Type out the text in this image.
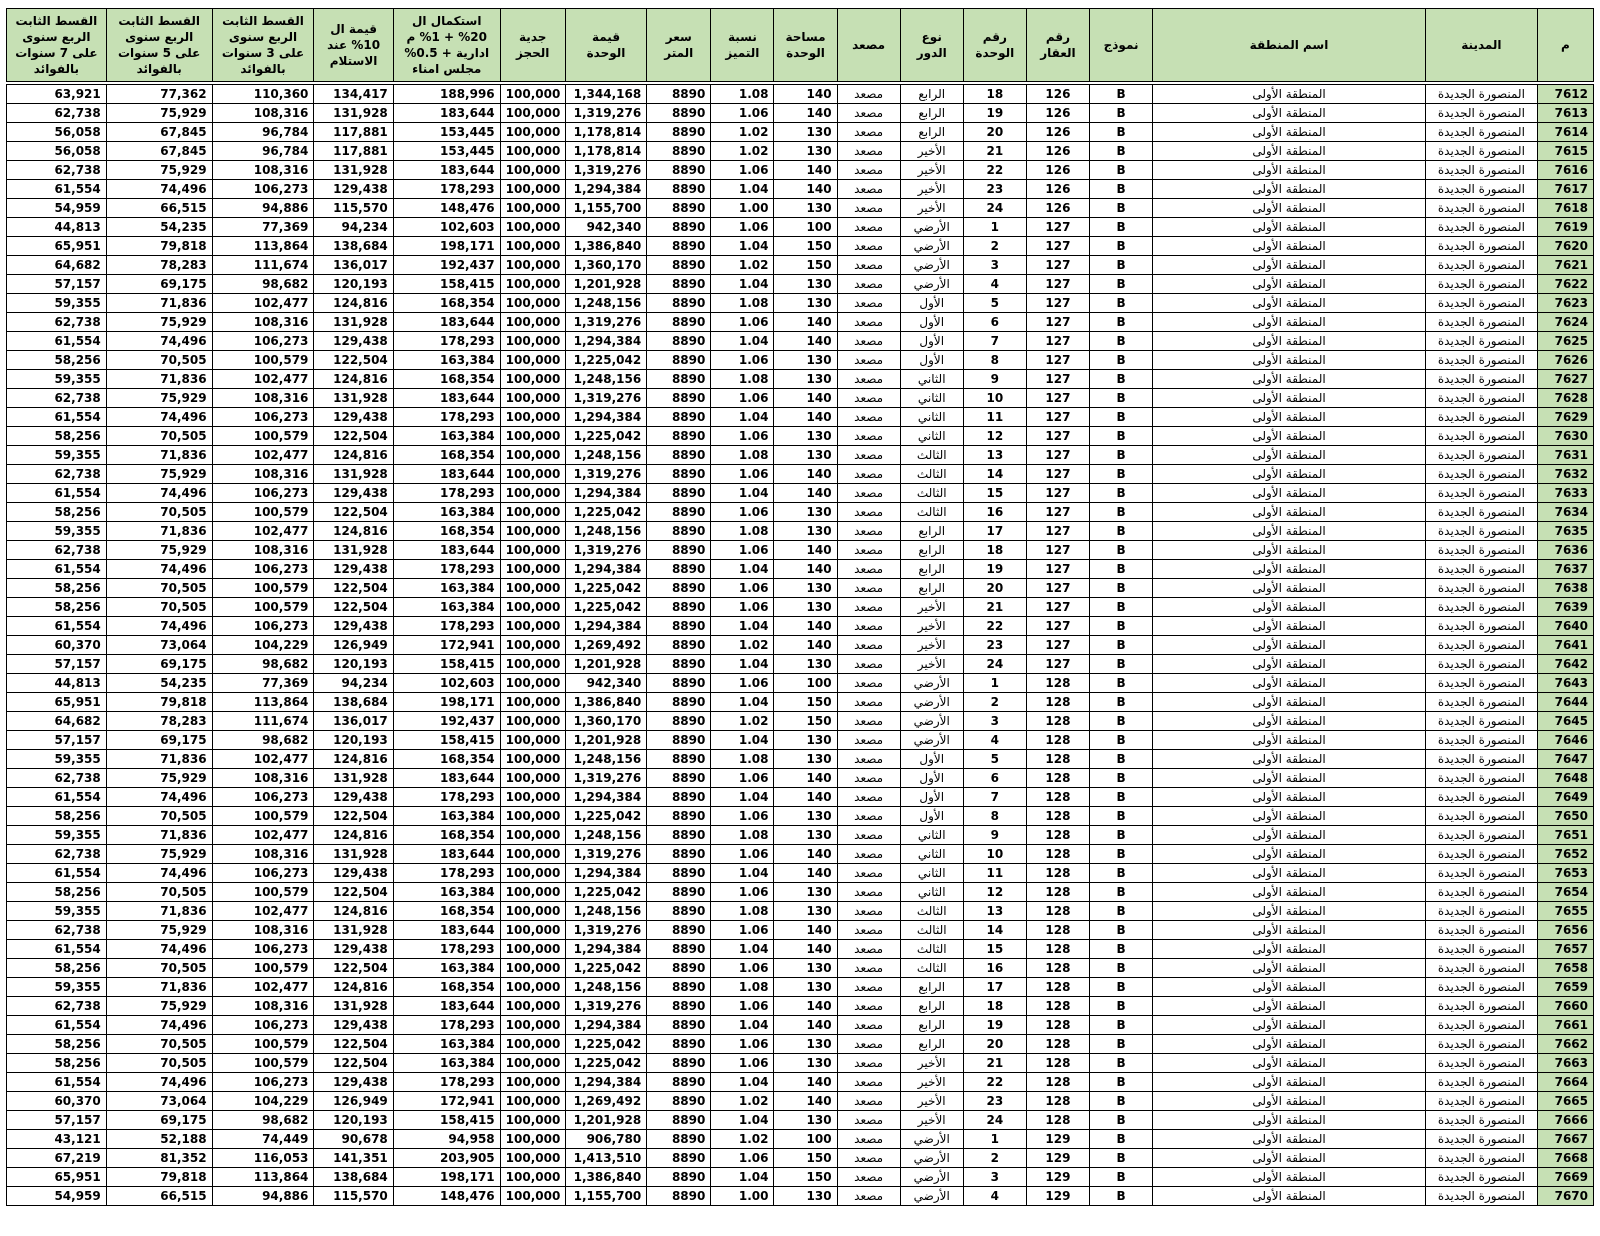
القسط الثابت الربع سنوى على 7 سنوات بالفوائد	القسط الثابت الربع سنوى على 5 سنوات بالفوائد	القسط الثابت الربع سنوى على 3 سنوات بالفوائد	قيمة ال 10% عند الاستلام	استكمال ال 20% + 1% م ادارية + 0.5% مجلس امناء	جدية الحجز	قيمة الوحدة	سعر المتر	نسبة التميز	مساحة الوحدة	مصعد	نوع الدور	رقم الوحدة	رقم العقار	نموذج	اسم المنطقة	المدينة	م
63,921	77,362	110,360	134,417	188,996	100,000	1,344,168	8890	1.08	140	مصعد	الرابع	18	126	B	المنطقة الأولى	المنصورة الجديدة	7612
62,738	75,929	108,316	131,928	183,644	100,000	1,319,276	8890	1.06	140	مصعد	الرابع	19	126	B	المنطقة الأولى	المنصورة الجديدة	7613
56,058	67,845	96,784	117,881	153,445	100,000	1,178,814	8890	1.02	130	مصعد	الرابع	20	126	B	المنطقة الأولى	المنصورة الجديدة	7614
56,058	67,845	96,784	117,881	153,445	100,000	1,178,814	8890	1.02	130	مصعد	الأخير	21	126	B	المنطقة الأولى	المنصورة الجديدة	7615
62,738	75,929	108,316	131,928	183,644	100,000	1,319,276	8890	1.06	140	مصعد	الأخير	22	126	B	المنطقة الأولى	المنصورة الجديدة	7616
61,554	74,496	106,273	129,438	178,293	100,000	1,294,384	8890	1.04	140	مصعد	الأخير	23	126	B	المنطقة الأولى	المنصورة الجديدة	7617
54,959	66,515	94,886	115,570	148,476	100,000	1,155,700	8890	1.00	130	مصعد	الأخير	24	126	B	المنطقة الأولى	المنصورة الجديدة	7618
44,813	54,235	77,369	94,234	102,603	100,000	942,340	8890	1.06	100	مصعد	الأرضي	1	127	B	المنطقة الأولى	المنصورة الجديدة	7619
65,951	79,818	113,864	138,684	198,171	100,000	1,386,840	8890	1.04	150	مصعد	الأرضي	2	127	B	المنطقة الأولى	المنصورة الجديدة	7620
64,682	78,283	111,674	136,017	192,437	100,000	1,360,170	8890	1.02	150	مصعد	الأرضي	3	127	B	المنطقة الأولى	المنصورة الجديدة	7621
57,157	69,175	98,682	120,193	158,415	100,000	1,201,928	8890	1.04	130	مصعد	الأرضي	4	127	B	المنطقة الأولى	المنصورة الجديدة	7622
59,355	71,836	102,477	124,816	168,354	100,000	1,248,156	8890	1.08	130	مصعد	الأول	5	127	B	المنطقة الأولى	المنصورة الجديدة	7623
62,738	75,929	108,316	131,928	183,644	100,000	1,319,276	8890	1.06	140	مصعد	الأول	6	127	B	المنطقة الأولى	المنصورة الجديدة	7624
61,554	74,496	106,273	129,438	178,293	100,000	1,294,384	8890	1.04	140	مصعد	الأول	7	127	B	المنطقة الأولى	المنصورة الجديدة	7625
58,256	70,505	100,579	122,504	163,384	100,000	1,225,042	8890	1.06	130	مصعد	الأول	8	127	B	المنطقة الأولى	المنصورة الجديدة	7626
59,355	71,836	102,477	124,816	168,354	100,000	1,248,156	8890	1.08	130	مصعد	الثاني	9	127	B	المنطقة الأولى	المنصورة الجديدة	7627
62,738	75,929	108,316	131,928	183,644	100,000	1,319,276	8890	1.06	140	مصعد	الثاني	10	127	B	المنطقة الأولى	المنصورة الجديدة	7628
61,554	74,496	106,273	129,438	178,293	100,000	1,294,384	8890	1.04	140	مصعد	الثاني	11	127	B	المنطقة الأولى	المنصورة الجديدة	7629
58,256	70,505	100,579	122,504	163,384	100,000	1,225,042	8890	1.06	130	مصعد	الثاني	12	127	B	المنطقة الأولى	المنصورة الجديدة	7630
59,355	71,836	102,477	124,816	168,354	100,000	1,248,156	8890	1.08	130	مصعد	الثالث	13	127	B	المنطقة الأولى	المنصورة الجديدة	7631
62,738	75,929	108,316	131,928	183,644	100,000	1,319,276	8890	1.06	140	مصعد	الثالث	14	127	B	المنطقة الأولى	المنصورة الجديدة	7632
61,554	74,496	106,273	129,438	178,293	100,000	1,294,384	8890	1.04	140	مصعد	الثالث	15	127	B	المنطقة الأولى	المنصورة الجديدة	7633
58,256	70,505	100,579	122,504	163,384	100,000	1,225,042	8890	1.06	130	مصعد	الثالث	16	127	B	المنطقة الأولى	المنصورة الجديدة	7634
59,355	71,836	102,477	124,816	168,354	100,000	1,248,156	8890	1.08	130	مصعد	الرابع	17	127	B	المنطقة الأولى	المنصورة الجديدة	7635
62,738	75,929	108,316	131,928	183,644	100,000	1,319,276	8890	1.06	140	مصعد	الرابع	18	127	B	المنطقة الأولى	المنصورة الجديدة	7636
61,554	74,496	106,273	129,438	178,293	100,000	1,294,384	8890	1.04	140	مصعد	الرابع	19	127	B	المنطقة الأولى	المنصورة الجديدة	7637
58,256	70,505	100,579	122,504	163,384	100,000	1,225,042	8890	1.06	130	مصعد	الرابع	20	127	B	المنطقة الأولى	المنصورة الجديدة	7638
58,256	70,505	100,579	122,504	163,384	100,000	1,225,042	8890	1.06	130	مصعد	الأخير	21	127	B	المنطقة الأولى	المنصورة الجديدة	7639
61,554	74,496	106,273	129,438	178,293	100,000	1,294,384	8890	1.04	140	مصعد	الأخير	22	127	B	المنطقة الأولى	المنصورة الجديدة	7640
60,370	73,064	104,229	126,949	172,941	100,000	1,269,492	8890	1.02	140	مصعد	الأخير	23	127	B	المنطقة الأولى	المنصورة الجديدة	7641
57,157	69,175	98,682	120,193	158,415	100,000	1,201,928	8890	1.04	130	مصعد	الأخير	24	127	B	المنطقة الأولى	المنصورة الجديدة	7642
44,813	54,235	77,369	94,234	102,603	100,000	942,340	8890	1.06	100	مصعد	الأرضي	1	128	B	المنطقة الأولى	المنصورة الجديدة	7643
65,951	79,818	113,864	138,684	198,171	100,000	1,386,840	8890	1.04	150	مصعد	الأرضي	2	128	B	المنطقة الأولى	المنصورة الجديدة	7644
64,682	78,283	111,674	136,017	192,437	100,000	1,360,170	8890	1.02	150	مصعد	الأرضي	3	128	B	المنطقة الأولى	المنصورة الجديدة	7645
57,157	69,175	98,682	120,193	158,415	100,000	1,201,928	8890	1.04	130	مصعد	الأرضي	4	128	B	المنطقة الأولى	المنصورة الجديدة	7646
59,355	71,836	102,477	124,816	168,354	100,000	1,248,156	8890	1.08	130	مصعد	الأول	5	128	B	المنطقة الأولى	المنصورة الجديدة	7647
62,738	75,929	108,316	131,928	183,644	100,000	1,319,276	8890	1.06	140	مصعد	الأول	6	128	B	المنطقة الأولى	المنصورة الجديدة	7648
61,554	74,496	106,273	129,438	178,293	100,000	1,294,384	8890	1.04	140	مصعد	الأول	7	128	B	المنطقة الأولى	المنصورة الجديدة	7649
58,256	70,505	100,579	122,504	163,384	100,000	1,225,042	8890	1.06	130	مصعد	الأول	8	128	B	المنطقة الأولى	المنصورة الجديدة	7650
59,355	71,836	102,477	124,816	168,354	100,000	1,248,156	8890	1.08	130	مصعد	الثاني	9	128	B	المنطقة الأولى	المنصورة الجديدة	7651
62,738	75,929	108,316	131,928	183,644	100,000	1,319,276	8890	1.06	140	مصعد	الثاني	10	128	B	المنطقة الأولى	المنصورة الجديدة	7652
61,554	74,496	106,273	129,438	178,293	100,000	1,294,384	8890	1.04	140	مصعد	الثاني	11	128	B	المنطقة الأولى	المنصورة الجديدة	7653
58,256	70,505	100,579	122,504	163,384	100,000	1,225,042	8890	1.06	130	مصعد	الثاني	12	128	B	المنطقة الأولى	المنصورة الجديدة	7654
59,355	71,836	102,477	124,816	168,354	100,000	1,248,156	8890	1.08	130	مصعد	الثالث	13	128	B	المنطقة الأولى	المنصورة الجديدة	7655
62,738	75,929	108,316	131,928	183,644	100,000	1,319,276	8890	1.06	140	مصعد	الثالث	14	128	B	المنطقة الأولى	المنصورة الجديدة	7656
61,554	74,496	106,273	129,438	178,293	100,000	1,294,384	8890	1.04	140	مصعد	الثالث	15	128	B	المنطقة الأولى	المنصورة الجديدة	7657
58,256	70,505	100,579	122,504	163,384	100,000	1,225,042	8890	1.06	130	مصعد	الثالث	16	128	B	المنطقة الأولى	المنصورة الجديدة	7658
59,355	71,836	102,477	124,816	168,354	100,000	1,248,156	8890	1.08	130	مصعد	الرابع	17	128	B	المنطقة الأولى	المنصورة الجديدة	7659
62,738	75,929	108,316	131,928	183,644	100,000	1,319,276	8890	1.06	140	مصعد	الرابع	18	128	B	المنطقة الأولى	المنصورة الجديدة	7660
61,554	74,496	106,273	129,438	178,293	100,000	1,294,384	8890	1.04	140	مصعد	الرابع	19	128	B	المنطقة الأولى	المنصورة الجديدة	7661
58,256	70,505	100,579	122,504	163,384	100,000	1,225,042	8890	1.06	130	مصعد	الرابع	20	128	B	المنطقة الأولى	المنصورة الجديدة	7662
58,256	70,505	100,579	122,504	163,384	100,000	1,225,042	8890	1.06	130	مصعد	الأخير	21	128	B	المنطقة الأولى	المنصورة الجديدة	7663
61,554	74,496	106,273	129,438	178,293	100,000	1,294,384	8890	1.04	140	مصعد	الأخير	22	128	B	المنطقة الأولى	المنصورة الجديدة	7664
60,370	73,064	104,229	126,949	172,941	100,000	1,269,492	8890	1.02	140	مصعد	الأخير	23	128	B	المنطقة الأولى	المنصورة الجديدة	7665
57,157	69,175	98,682	120,193	158,415	100,000	1,201,928	8890	1.04	130	مصعد	الأخير	24	128	B	المنطقة الأولى	المنصورة الجديدة	7666
43,121	52,188	74,449	90,678	94,958	100,000	906,780	8890	1.02	100	مصعد	الأرضي	1	129	B	المنطقة الأولى	المنصورة الجديدة	7667
67,219	81,352	116,053	141,351	203,905	100,000	1,413,510	8890	1.06	150	مصعد	الأرضي	2	129	B	المنطقة الأولى	المنصورة الجديدة	7668
65,951	79,818	113,864	138,684	198,171	100,000	1,386,840	8890	1.04	150	مصعد	الأرضي	3	129	B	المنطقة الأولى	المنصورة الجديدة	7669
54,959	66,515	94,886	115,570	148,476	100,000	1,155,700	8890	1.00	130	مصعد	الأرضي	4	129	B	المنطقة الأولى	المنصورة الجديدة	7670
